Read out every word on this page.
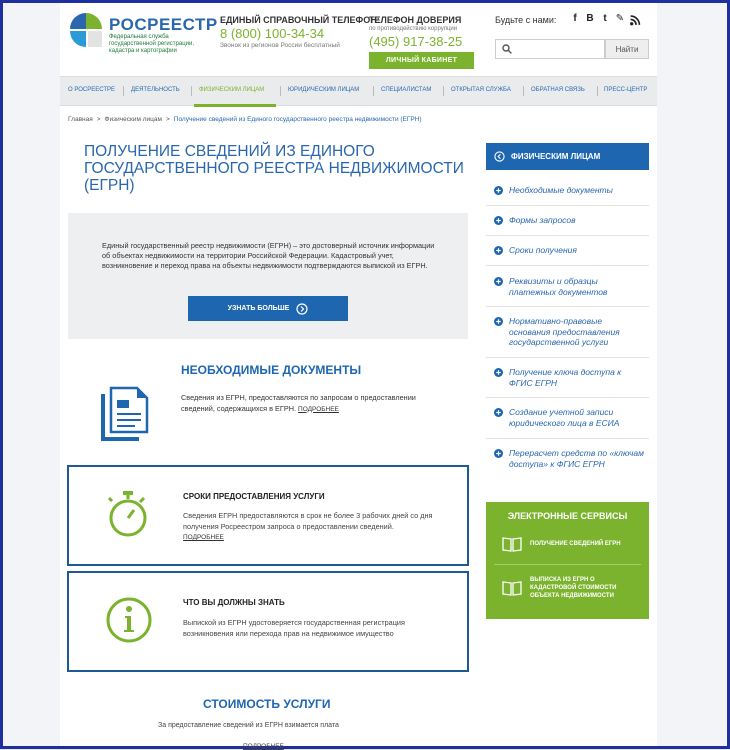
РОСРЕЕСТР
Федеральная служба государственной регистрации, кадастра и картографии
ЕДИНЫЙ СПРАВОЧНЫЙ ТЕЛЕФОН:
8 (800) 100-34-34
Звонок из регионов России бесплатный
ТЕЛЕФОН ДОВЕРИЯ
по противодействию коррупции
(495) 917-38-25
ЛИЧНЫЙ КАБИНЕТ
Будьте с нами:	f В t ✎
Найти
О РОСРЕЕСТРЕ	ДЕЯТЕЛЬНОСТЬ	ФИЗИЧЕСКИМ ЛИЦАМ	ЮРИДИЧЕСКИМ ЛИЦАМ	СПЕЦИАЛИСТАМ	ОТКРЫТАЯ СЛУЖБА	ОБРАТНАЯ СВЯЗЬ	ПРЕСС-ЦЕНТР
Главная > Физическим лицам > Получение сведений из Единого государственного реестра недвижимости (ЕГРН)
ПОЛУЧЕНИЕ СВЕДЕНИЙ ИЗ ЕДИНОГО ГОСУДАРСТВЕННОГО РЕЕСТРА НЕДВИЖИМОСТИ (ЕГРН)
Единый государственный реестр недвижимости (ЕГРН) – это достоверный источник информации об объектах недвижимости на территории Российской Федерации. Кадастровый учет, возникновение и переход права на объекты недвижимости подтверждаются выпиской из ЕГРН.
УЗНАТЬ БОЛЬШЕ
НЕОБХОДИМЫЕ ДОКУМЕНТЫ
Сведения из ЕГРН, предоставляются по запросам о предоставлении сведений, содержащихся в ЕГРН. ПОДРОБНЕЕ
СРОКИ ПРЕДОСТАВЛЕНИЯ УСЛУГИ
Сведения ЕГРН предоставляются в срок не более 3 рабочих дней со дня получения Росреестром запроса о предоставлении сведений. ПОДРОБНЕЕ
ЧТО ВЫ ДОЛЖНЫ ЗНАТЬ
Выпиской из ЕГРН удостоверяется государственная регистрация возникновения или перехода прав на недвижимое имущество
СТОИМОСТЬ УСЛУГИ
За предоставление сведений из ЕГРН взимается плата
ПОДРОБНЕЕ
ФИЗИЧЕСКИМ ЛИЦАМ
Необходимые документы
Формы запросов
Сроки получения
Реквизиты и образцы платежных документов
Нормативно-правовые основания предоставления государственной услуги
Получение ключа доступа к ФГИС ЕГРН
Создание учетной записи юридического лица в ЕСИА
Перерасчет средств по «ключам доступа» к ФГИС ЕГРН
ЭЛЕКТРОННЫЕ СЕРВИСЫ
ПОЛУЧЕНИЕ СВЕДЕНИЙ ЕГРН
ВЫПИСКА ИЗ ЕГРН О КАДАСТРОВОЙ СТОИМОСТИ ОБЪЕКТА НЕДВИЖИМОСТИ
